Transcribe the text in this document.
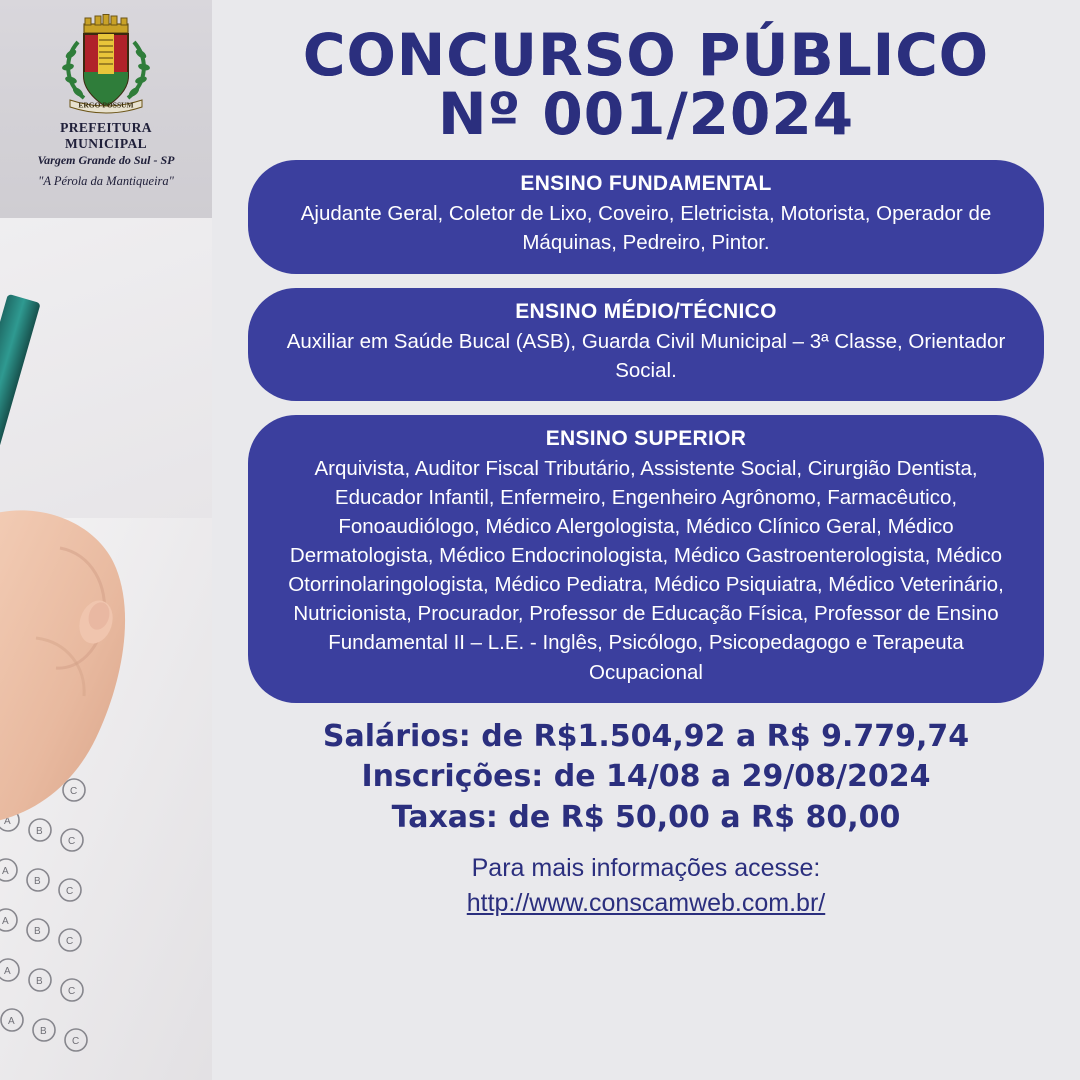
ERGO POSSUM
PREFEITURA MUNICIPAL
Vargem Grande do Sul - SP
"A Pérola da Mantiqueira"
C
A
B
C
A
B
C
A
B
C
A
B
C
A
B
C
CONCURSO PÚBLICO
Nº 001/2024
ENSINO FUNDAMENTAL
Ajudante Geral, Coletor de Lixo, Coveiro, Eletricista, Motorista, Operador de Máquinas, Pedreiro, Pintor.
ENSINO MÉDIO/TÉCNICO
Auxiliar em Saúde Bucal (ASB), Guarda Civil Municipal – 3ª Classe, Orientador Social.
ENSINO SUPERIOR
Arquivista, Auditor Fiscal Tributário, Assistente Social, Cirurgião Dentista, Educador Infantil, Enfermeiro, Engenheiro Agrônomo, Farmacêutico, Fonoaudiólogo, Médico Alergologista, Médico Clínico Geral, Médico Dermatologista, Médico Endocrinologista, Médico Gastroenterologista, Médico Otorrinolaringologista, Médico Pediatra, Médico Psiquiatra, Médico Veterinário, Nutricionista, Procurador, Professor de Educação Física, Professor de Ensino Fundamental II – L.E. - Inglês, Psicólogo, Psicopedagogo e Terapeuta Ocupacional
Salários: de R$1.504,92 a R$ 9.779,74
Inscrições: de 14/08 a 29/08/2024
Taxas: de R$ 50,00 a R$ 80,00
Para mais informações acesse:
http://www.conscamweb.com.br/
